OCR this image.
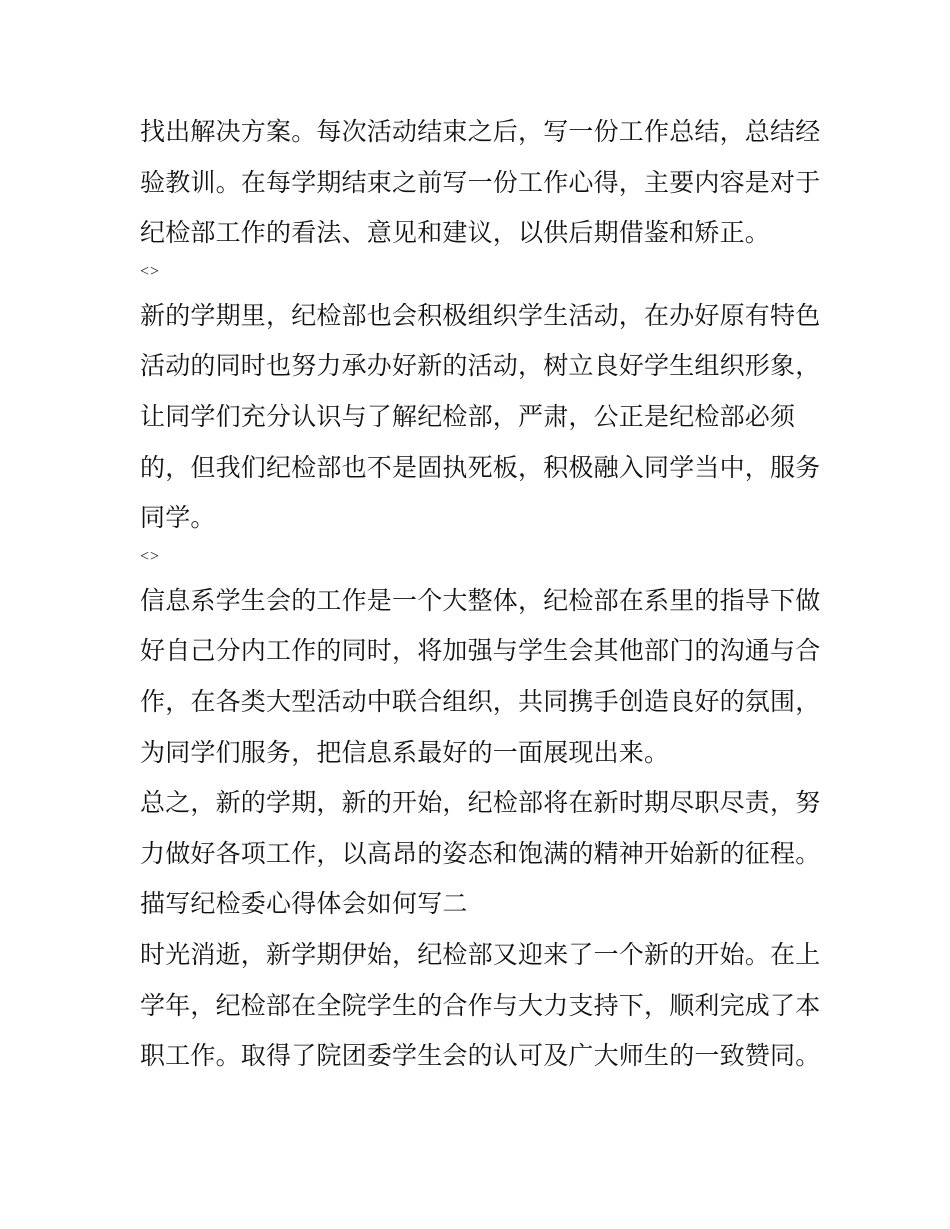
找出解决方案。每次活动结束之后，写一份工作总结，总结经
验教训。在每学期结束之前写一份工作心得，主要内容是对于
纪检部工作的看法、意见和建议，以供后期借鉴和矫正。
<>
新的学期里，纪检部也会积极组织学生活动，在办好原有特色
活动的同时也努力承办好新的活动，树立良好学生组织形象，
让同学们充分认识与了解纪检部，严肃，公正是纪检部必须
的，但我们纪检部也不是固执死板，积极融入同学当中，服务
同学。
<>
信息系学生会的工作是一个大整体，纪检部在系里的指导下做
好自己分内工作的同时，将加强与学生会其他部门的沟通与合
作，在各类大型活动中联合组织，共同携手创造良好的氛围，
为同学们服务，把信息系最好的一面展现出来。
总之，新的学期，新的开始，纪检部将在新时期尽职尽责，努
力做好各项工作，以高昂的姿态和饱满的精神开始新的征程。
描写纪检委心得体会如何写二
时光消逝，新学期伊始，纪检部又迎来了一个新的开始。在上
学年，纪检部在全院学生的合作与大力支持下，顺利完成了本
职工作。取得了院团委学生会的认可及广大师生的一致赞同。
